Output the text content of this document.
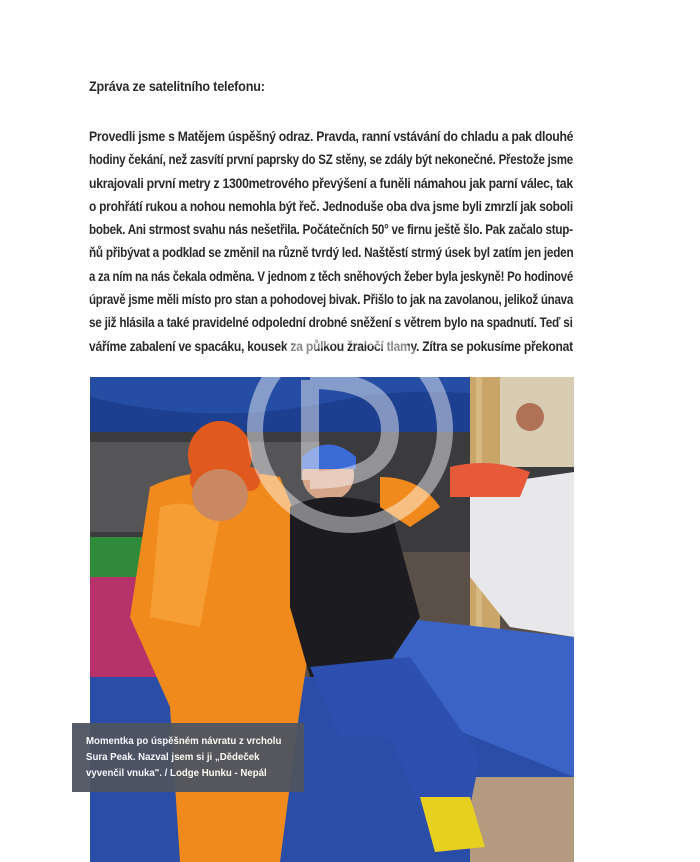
Zpráva ze satelitního telefonu:
Provedli jsme s Matějem úspěšný odraz. Pravda, ranní vstávání do chladu a pak dlouhé
hodiny čekání, než zasvítí první paprsky do SZ stěny, se zdály být nekonečné. Přestože jsme
ukrajovali první metry z 1300metrového převýšení a funěli námahou jak parní válec, tak
o prohřátí rukou a nohou nemohla být řeč. Jednoduše oba dva jsme byli zmrzlí jak soboli
bobek. Ani strmost svahu nás nešetřila. Počátečních 50° ve firnu ještě šlo. Pak začalo stup-
ňů přibývat a podklad se změnil na různě tvrdý led. Naštěstí strmý úsek byl zatím jen jeden
a za ním na nás čekala odměna. V jednom z těch sněhových žeber byla jeskyně! Po hodinové
úpravě jsme měli místo pro stan a pohodovej bivak. Přišlo to jak na zavolanou, jelikož únava
se již hlásila a také pravidelné odpolední drobné sněžení s větrem bylo na spadnutí. Teď si
váříme zabalení ve spacáku, kousek za půlkou žraločí tlamy. Zítra se pokusíme překonat
Momentka po úspěšném návratu z vrcholu
Sura Peak. Nazval jsem si ji „Dědeček
vyvenčil vnuka". / Lodge Hunku - Nepál
